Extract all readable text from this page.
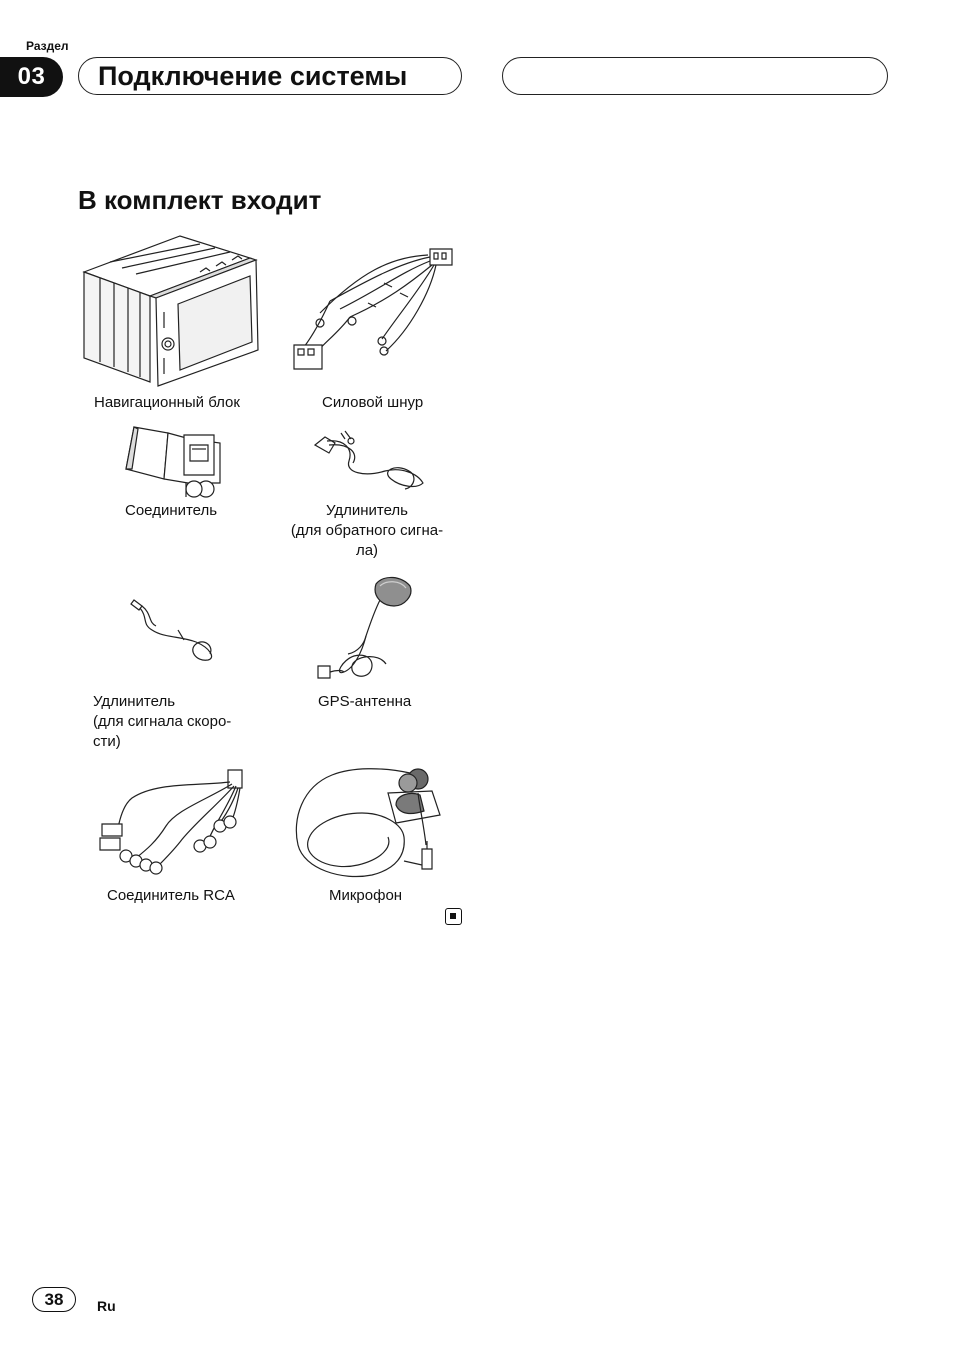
Раздел
03	Подключение системы
В комплект входит
Навигационный блок	Силовой шнур
Соединитель	Удлинитель
(для обратного сигна-
ла)
Удлинитель
(для сигнала скоро-
сти)
GPS-антенна
Соединитель RCA	Микрофон
38	Ru
